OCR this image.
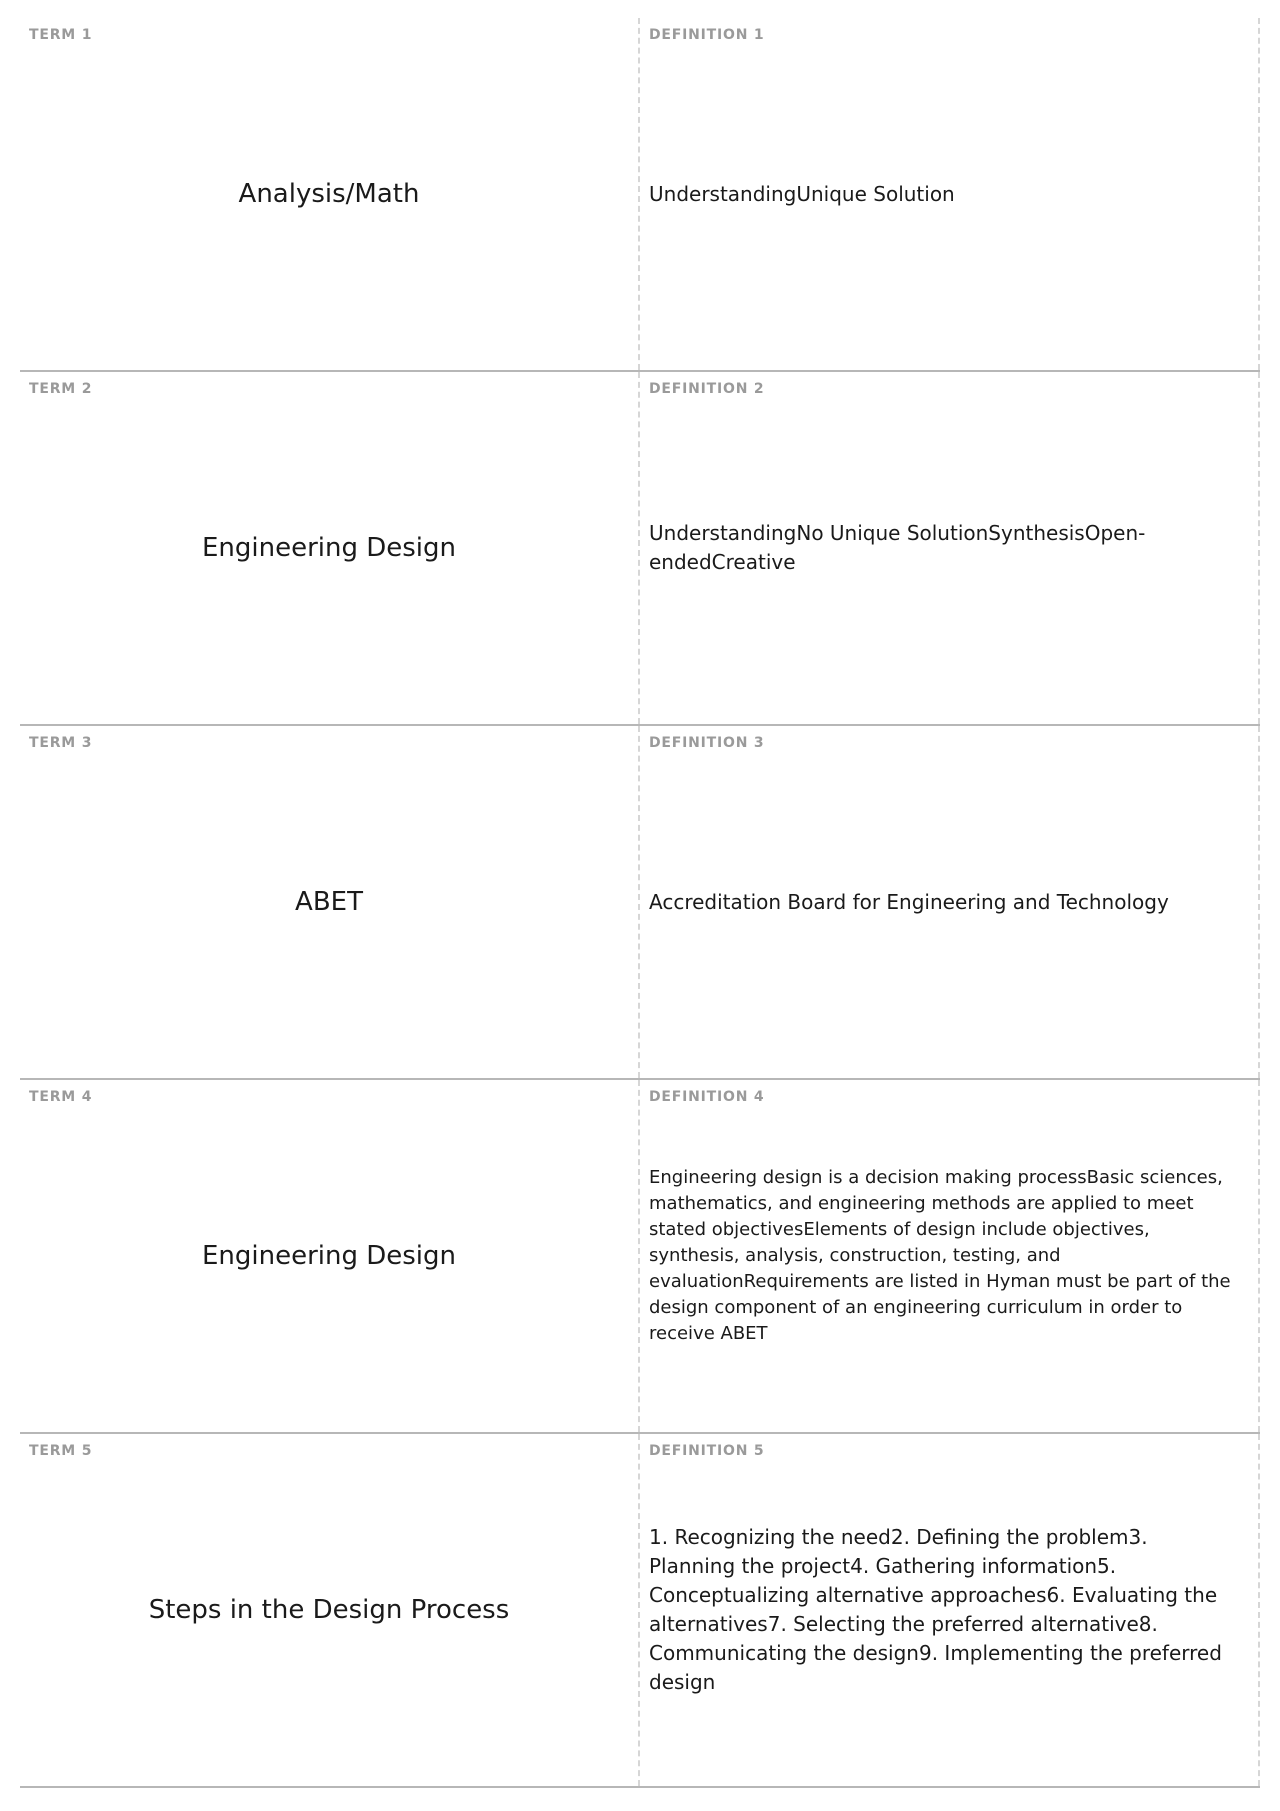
TERM 1
Analysis/Math
DEFINITION 1
UnderstandingUnique Solution
TERM 2
Engineering Design
DEFINITION 2
UnderstandingNo Unique SolutionSynthesisOpen-endedCreative
TERM 3
ABET
DEFINITION 3
Accreditation Board for Engineering and Technology
TERM 4
Engineering Design
DEFINITION 4
Engineering design is a decision making processBasic sciences, mathematics, and engineering methods are applied to meet stated objectivesElements of design include objectives, synthesis, analysis, construction, testing, and evaluationRequirements are listed in Hyman must be part of the design component of an engineering curriculum in order to receive ABET
TERM 5
Steps in the Design Process
DEFINITION 5
1. Recognizing the need2. Defining the problem3. Planning the project4. Gathering information5. Conceptualizing alternative approaches6. Evaluating the alternatives7. Selecting the preferred alternative8. Communicating the design9. Implementing the preferred design
